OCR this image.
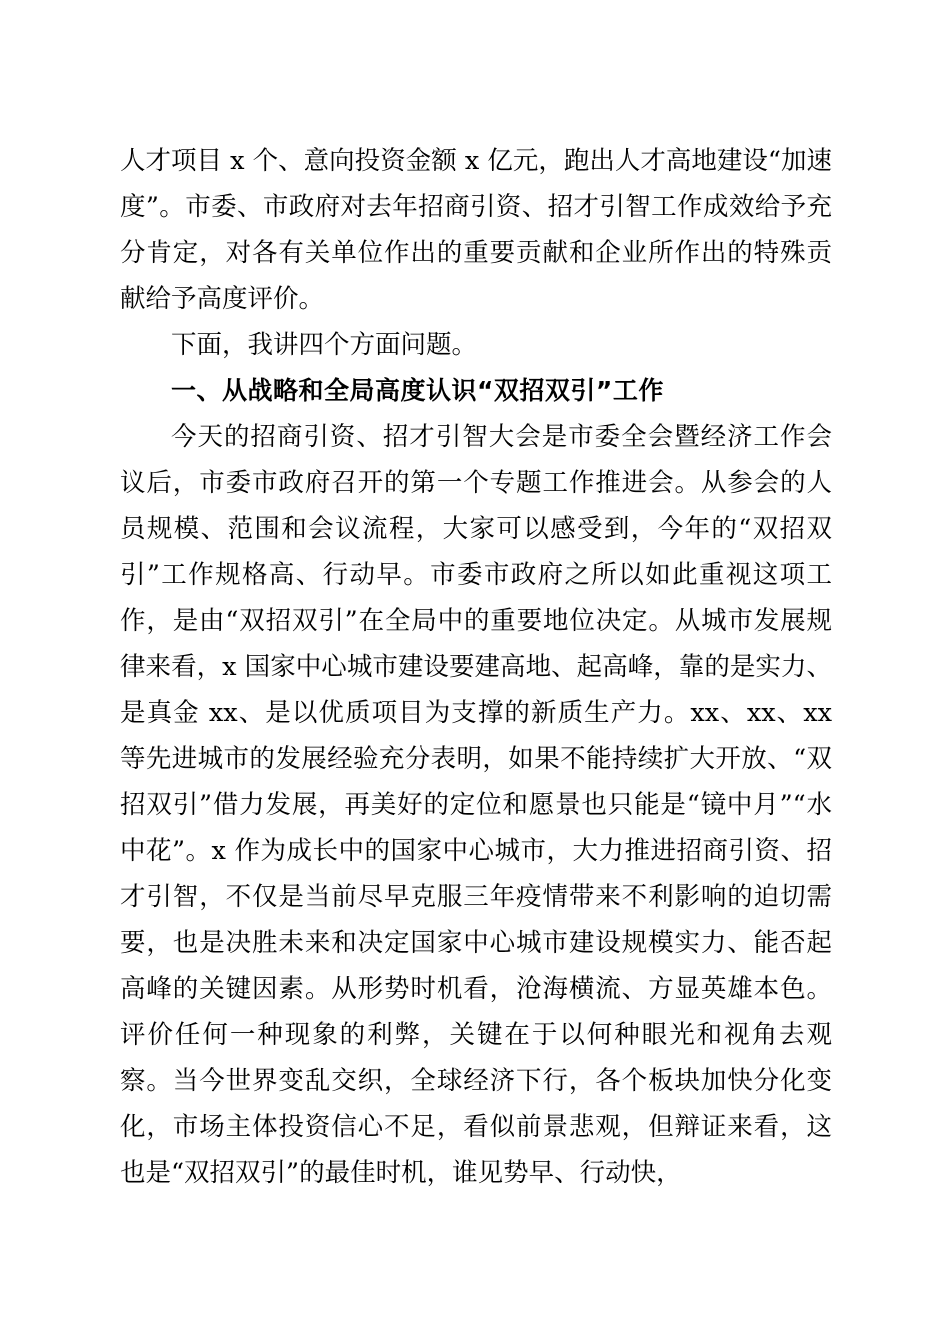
人才项目 x 个、意向投资金额 x 亿元，跑出人才高地建设“加速度”。市委、市政府对去年招商引资、招才引智工作成效给予充分肯定，对各有关单位作出的重要贡献和企业所作出的特殊贡献给予高度评价。

下面，我讲四个方面问题。

一、从战略和全局高度认识“双招双引”工作

今天的招商引资、招才引智大会是市委全会暨经济工作会议后，市委市政府召开的第一个专题工作推进会。从参会的人员规模、范围和会议流程，大家可以感受到，今年的“双招双引”工作规格高、行动早。市委市政府之所以如此重视这项工作，是由“双招双引”在全局中的重要地位决定。从城市发展规律来看，x 国家中心城市建设要建高地、起高峰，靠的是实力、是真金 xx、是以优质项目为支撑的新质生产力。xx、xx、xx 等先进城市的发展经验充分表明，如果不能持续扩大开放、“双招双引”借力发展，再美好的定位和愿景也只能是“镜中月”“水中花”。x 作为成长中的国家中心城市，大力推进招商引资、招才引智，不仅是当前尽早克服三年疫情带来不利影响的迫切需要，也是决胜未来和决定国家中心城市建设规模实力、能否起高峰的关键因素。从形势时机看，沧海横流、方显英雄本色。评价任何一种现象的利弊，关键在于以何种眼光和视角去观察。当今世界变乱交织，全球经济下行，各个板块加快分化变化，市场主体投资信心不足，看似前景悲观，但辩证来看，这也是“双招双引”的最佳时机，谁见势早、行动快，
